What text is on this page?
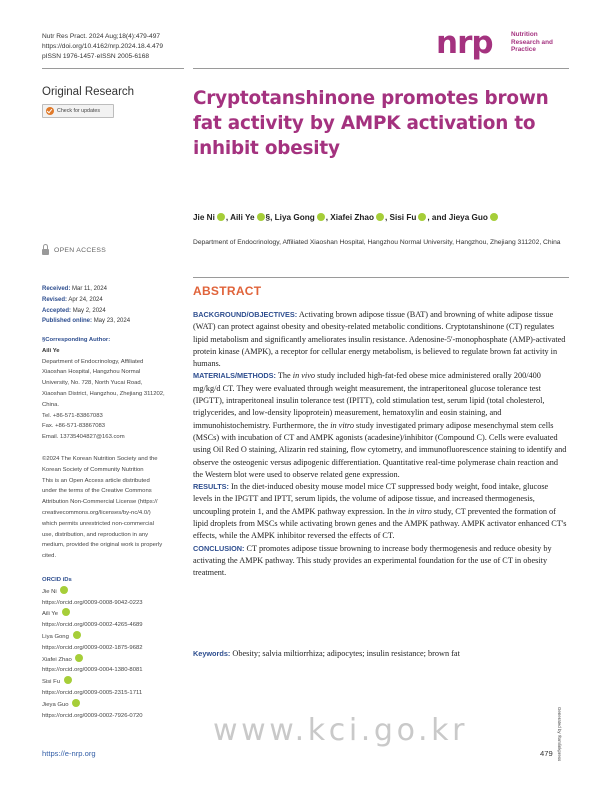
Nutr Res Pract. 2024 Aug;18(4):479-497
https://doi.org/10.4162/nrp.2024.18.4.479
pISSN 1976-1457·eISSN 2005-6168	nrp	Nutrition
Research and
Practice
Original Research
Check for updates
Cryptotanshinone promotes brown fat activity by AMPK activation to inhibit obesity
Jie Ni , Aili Ye §, Liya Gong , Xiafei Zhao , Sisi Fu , and Jieya Guo
Department of Endocrinology, Affiliated Xiaoshan Hospital, Hangzhou Normal University, Hangzhou, Zhejiang 311202, China
OPEN ACCESS
Received: Mar 11, 2024
Revised: Apr 24, 2024
Accepted: May 2, 2024
Published online: May 23, 2024
§Corresponding Author:
Aili Ye
Department of Endocrinology, Affiliated
Xiaoshan Hospital, Hangzhou Normal
University, No. 728, North Yucai Road,
Xiaoshan District, Hangzhou, Zhejiang 311202,
China.
Tel. +86-571-83867083
Fax. +86-571-83867083
Email. 13735404827@163.com
©2024 The Korean Nutrition Society and the
Korean Society of Community Nutrition
This is an Open Access article distributed
under the terms of the Creative Commons
Attribution Non-Commercial License (https://
creativecommons.org/licenses/by-nc/4.0/)
which permits unrestricted non-commercial
use, distribution, and reproduction in any
medium, provided the original work is properly
cited.
ORCID iDs
Jie Ni
https://orcid.org/0009-0008-9042-0223
Aili Ye
https://orcid.org/0009-0002-4265-4689
Liya Gong
https://orcid.org/0009-0002-1875-9682
Xiafei Zhao
https://orcid.org/0009-0004-1380-8081
Sisi Fu
https://orcid.org/0009-0005-2315-1711
Jieya Guo
https://orcid.org/0009-0002-7926-0720
ABSTRACT
BACKGROUND/OBJECTIVES: Activating brown adipose tissue (BAT) and browning of white adipose tissue (WAT) can protect against obesity and obesity-related metabolic conditions. Cryptotanshinone (CT) regulates lipid metabolism and significantly ameliorates insulin resistance. Adenosine-5'-monophosphate (AMP)-activated protein kinase (AMPK), a receptor for cellular energy metabolism, is believed to regulate brown fat activity in humans.
MATERIALS/METHODS: The in vivo study included high-fat-fed obese mice administered orally 200/400 mg/kg/d CT. They were evaluated through weight measurement, the intraperitoneal glucose tolerance test (IPGTT), intraperitoneal insulin tolerance test (IPITT), cold stimulation test, serum lipid (total cholesterol, triglycerides, and low-density lipoprotein) measurement, hematoxylin and eosin staining, and immunohistochemistry. Furthermore, the in vitro study investigated primary adipose mesenchymal stem cells (MSCs) with incubation of CT and AMPK agonists (acadesine)/inhibitor (Compound C). Cells were evaluated using Oil Red O staining, Alizarin red staining, flow cytometry, and immunofluorescence staining to identify and observe the osteogenic versus adipogenic differentiation. Quantitative real-time polymerase chain reaction and the Western blot were used to observe related gene expression.
RESULTS: In the diet-induced obesity mouse model mice CT suppressed body weight, food intake, glucose levels in the IPGTT and IPTT, serum lipids, the volume of adipose tissue, and increased thermogenesis, uncoupling protein 1, and the AMPK pathway expression. In the in vitro study, CT prevented the formation of lipid droplets from MSCs while activating brown genes and the AMPK pathway. AMPK activator enhanced CT's effects, while the AMPK inhibitor reversed the effects of CT.
CONCLUSION: CT promotes adipose tissue browning to increase body thermogenesis and reduce obesity by activating the AMPK pathway. This study provides an experimental foundation for the use of CT in obesity treatment.
Keywords: Obesity; salvia miltiorrhiza; adipocytes; insulin resistance; brown fat
www.kci.go.kr
https://e-nrp.org	479 Generated by ®xmlinkpress
